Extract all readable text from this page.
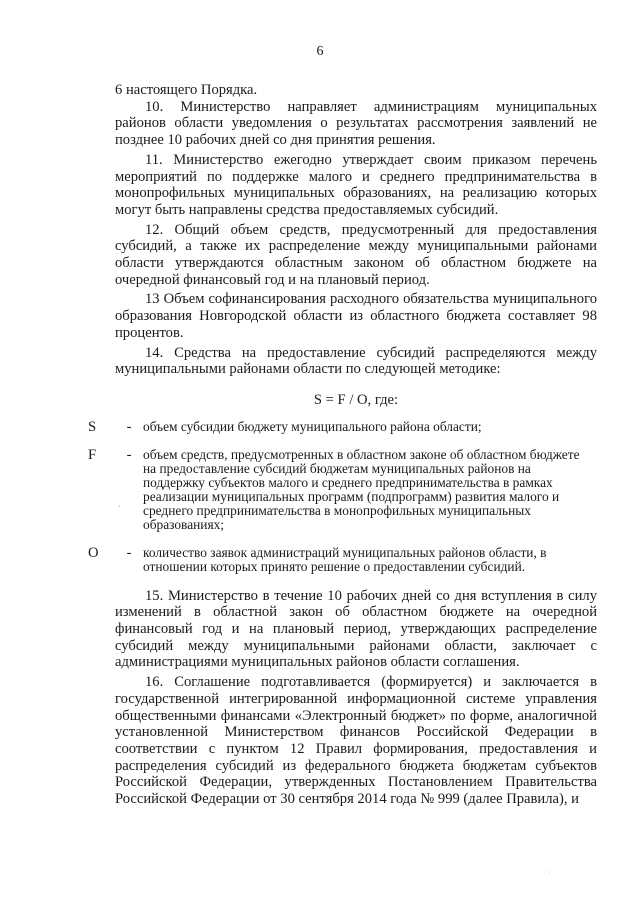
6

6 настоящего Порядка.

10. Министерство направляет администрациям муниципальных районов области уведомления о результатах рассмотрения заявлений не позднее 10 рабочих дней со дня принятия решения.

11. Министерство ежегодно утверждает своим приказом перечень мероприятий по поддержке малого и среднего предпринимательства в монопрофильных муниципальных образованиях, на реализацию которых могут быть направлены средства предоставляемых субсидий.

12. Общий объем средств, предусмотренный для предоставления субсидий, а также их распределение между муниципальными районами области утверждаются областным законом об областном бюджете на очередной финансовый год и на плановый период.

13 Объем софинансирования расходного обязательства муниципального образования Новгородской области из областного бюджета составляет 98 процентов.

14. Средства на предоставление субсидий распределяются между муниципальными районами области по следующей методике:

S = F / O, где:

S	- объем субсидии бюджету муниципального района области;
F	- объем средств, предусмотренных в областном законе об областном бюджете на предоставление субсидий бюджетам муниципальных районов на поддержку субъектов малого и среднего предпринимательства в рамках реализации муниципальных программ (подпрограмм) развития малого и среднего предпринимательства в монопрофильных муниципальных образованиях;
O	- количество заявок администраций муниципальных районов области, в отношении которых принято решение о предоставлении субсидий.

15. Министерство в течение 10 рабочих дней со дня вступления в силу изменений в областной закон об областном бюджете на очередной финансовый год и на плановый период, утверждающих распределение субсидий между муниципальными районами области, заключает с администрациями муниципальных районов области соглашения.

16. Соглашение подготавливается (формируется) и заключается в государственной интегрированной информационной системе управления общественными финансами «Электронный бюджет» по форме, аналогичной установленной Министерством финансов Российской Федерации в соответствии с пунктом 12 Правил формирования, предоставления и распределения субсидий из федерального бюджета бюджетам субъектов Российской Федерации, утвержденных Постановлением Правительства Российской Федерации от 30 сентября 2014 года № 999 (далее Правила), и

·
·
